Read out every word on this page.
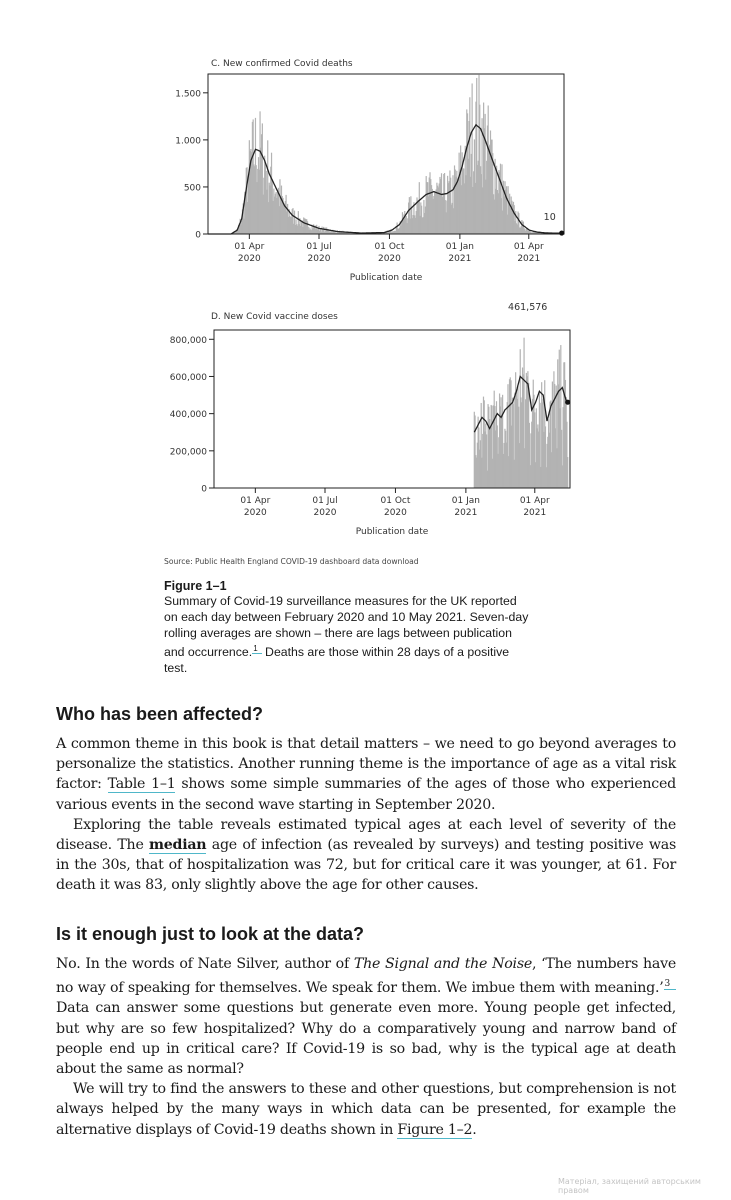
C. New confirmed Covid deaths
1.500
1.000
500
0
01 Apr
2020
01 Jul
2020
01 Oct
2020
01 Jan
2021
01 Apr
2021
Publication date
10
D. New Covid vaccine doses
800,000
600,000
400,000
200,000
0
01 Apr
2020
01 Jul
2020
01 Oct
2020
01 Jan
2021
01 Apr
2021
Publication date
461,576
Source: Public Health England COVID-19 dashboard data download
Figure 1–1
Summary of Covid-19 surveillance measures for the UK reported
on each day between February 2020 and 10 May 2021. Seven-day
rolling averages are shown – there are lags between publication
and occurrence.$^1$ Deaths are those within 28 days of a positive
test.
Who has been affected?

A common theme in this book is that detail matters – we need to go beyond averages to personalize the statistics. Another running theme is the importance of age as a vital risk factor: Table 1–1 shows some simple summaries of the ages of those who experienced various events in the second wave starting in September 2020.

Exploring the table reveals estimated typical ages at each level of severity of the disease. The median age of infection (as revealed by surveys) and testing positive was in the 30s, that of hospitalization was 72, but for critical care it was younger, at 61. For death it was 83, only slightly above the age for other causes.

Is it enough just to look at the data?

No. In the words of Nate Silver, author of The Signal and the Noise, ‘The numbers have no way of speaking for themselves. We speak for them. We imbue them with meaning.’$^3$ Data can answer some questions but generate even more. Young people get infected, but why are so few hospitalized? Why do a comparatively young and narrow band of people end up in critical care? If Covid-19 is so bad, why is the typical age at death about the same as normal?

We will try to find the answers to these and other questions, but comprehension is not always helped by the many ways in which data can be presented, for example the alternative displays of Covid-19 deaths shown in Figure 1–2.

Матеріал, захищений авторським правом
